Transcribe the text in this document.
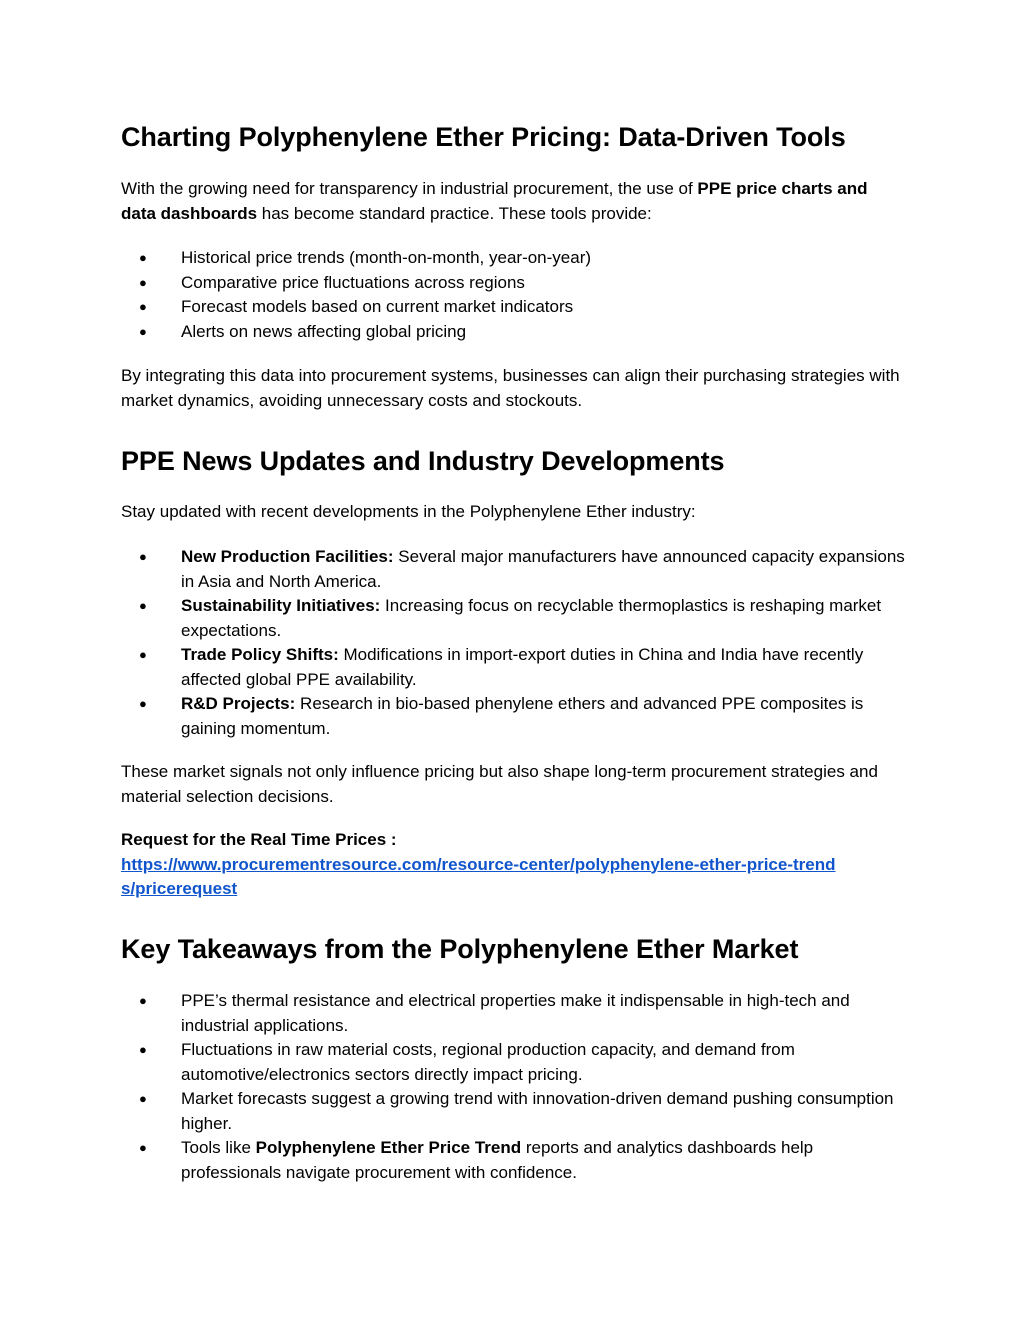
Charting Polyphenylene Ether Pricing: Data-Driven Tools

With the growing need for transparency in industrial procurement, the use of PPE price charts and data dashboards has become standard practice. These tools provide:

● Historical price trends (month-on-month, year-on-year)
● Comparative price fluctuations across regions
● Forecast models based on current market indicators
● Alerts on news affecting global pricing

By integrating this data into procurement systems, businesses can align their purchasing strategies with market dynamics, avoiding unnecessary costs and stockouts.

PPE News Updates and Industry Developments

Stay updated with recent developments in the Polyphenylene Ether industry:

● New Production Facilities: Several major manufacturers have announced capacity expansions in Asia and North America.
● Sustainability Initiatives: Increasing focus on recyclable thermoplastics is reshaping market expectations.
● Trade Policy Shifts: Modifications in import-export duties in China and India have recently affected global PPE availability.
● R&D Projects: Research in bio-based phenylene ethers and advanced PPE composites is gaining momentum.

These market signals not only influence pricing but also shape long-term procurement strategies and material selection decisions.

Request for the Real Time Prices :

https://www.procurementresource.com/resource-center/polyphenylene-ether-price-trend
s/pricerequest

Key Takeaways from the Polyphenylene Ether Market
● PPE’s thermal resistance and electrical properties make it indispensable in high-tech and industrial applications.
● Fluctuations in raw material costs, regional production capacity, and demand from automotive/electronics sectors directly impact pricing.
● Market forecasts suggest a growing trend with innovation-driven demand pushing consumption higher.
● Tools like Polyphenylene Ether Price Trend reports and analytics dashboards help professionals navigate procurement with confidence.
